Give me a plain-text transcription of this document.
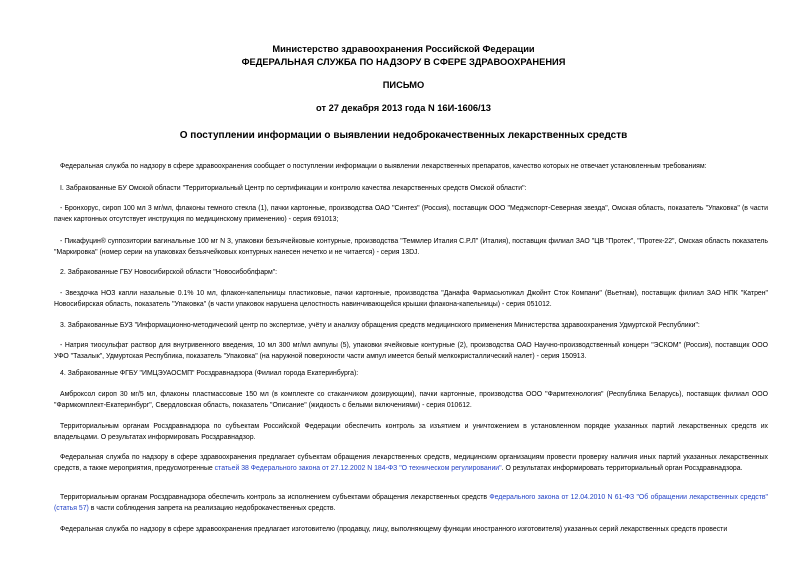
Министерство здравоохранения Российской Федерации
ФЕДЕРАЛЬНАЯ СЛУЖБА ПО НАДЗОРУ В СФЕРЕ ЗДРАВООХРАНЕНИЯ
ПИСЬМО
от 27 декабря 2013 года N 16И-1606/13
О поступлении информации о выявлении недоброкачественных лекарственных средств
Федеральная служба по надзору в сфере здравоохранения сообщает о поступлении информации о выявлении лекарственных препаратов, качество которых не отвечает установленным требованиям:
I. Забракованные БУ Омской области "Территориальный Центр по сертификации и контролю качества лекарственных средств Омской области":
- Бронхорус, сироп 100 мл 3 мг/мл, флаконы темного стекла (1), пачки картонные, производства ОАО "Синтез" (Россия), поставщик ООО "Медэкспорт-Северная звезда", Омская область, показатель "Упаковка" (в части пачек картонных отсутствует инструкция по медицинскому применению) - серия 691013;
- Пикафуцин® суппозитории вагинальные 100 мг N 3, упаковки безъячейковые контурные, производства "Теммлер Италия С.Р.Л" (Италия), поставщик филиал ЗАО "ЦВ "Протек", "Протек-22", Омская область показатель "Маркировка" (номер серии на упаковках безъячейковых контурных нанесен нечетко и не читается) - серия 13DJ.
2. Забракованные ГБУ Новосибирской области "Новосибоблфарм":
- Звездочка НОЗ капли назальные 0.1% 10 мл, флакон-капельницы пластиковые, пачки картонные, производства "Данафа Фармасьютикал Джойнт Сток Компани" (Вьетнам), поставщик филиал ЗАО НПК "Катрен" Новосибирская область, показатель "Упаковка" (в части упаковок нарушена целостность навинчивающейся крышки флакона-капельницы) - серия 051012.
3. Забракованные БУЗ "Информационно-методический центр по экспертизе, учёту и анализу обращения средств медицинского применения Министерства здравоохранения Удмуртской Республики":
- Натрия тиосульфат раствор для внутривенного введения, 10 мл 300 мг/мл ампулы (5), упаковки ячейковые контурные (2), производства ОАО Научно-производственный концерн "ЭСКОМ" (Россия), поставщик ООО УФО "Тазалык", Удмуртская Республика, показатель "Упаковка" (на наружной поверхности части ампул имеется белый мелкокристаллический налет) - серия 150913.
4. Забракованные ФГБУ "ИМЦЭУАОСМП" Росздравнадзора (Филиал города Екатеринбурга):
Амброксол сироп 30 мг/5 мл, флаконы пластмассовые 150 мл (в комплекте со стаканчиком дозирующим), пачки картонные, производства ООО "Фармтехнология" (Республика Беларусь), поставщик филиал ООО "Фармкомплект-Екатеринбург", Свердловская область, показатель "Описание" (жидкость с белыми включениями) - серия 010612.
Территориальным органам Росздравнадзора по субъектам Российской Федерации обеспечить контроль за изъятием и уничтожением в установленном порядке указанных партий лекарственных средств их владельцами. О результатах информировать Росздравнадзор.
Федеральная служба по надзору в сфере здравоохранения предлагает субъектам обращения лекарственных средств, медицинским организациям провести проверку наличия иных партий указанных лекарственных средств, а также мероприятия, предусмотренные статьей 38 Федерального закона от 27.12.2002 N 184-ФЗ "О техническом регулировании". О результатах информировать территориальный орган Росздравнадзора.
Территориальным органам Росздравнадзора обеспечить контроль за исполнением субъектами обращения лекарственных средств Федерального закона от 12.04.2010 N 61-ФЗ "Об обращении лекарственных средств" (статья 57) в части соблюдения запрета на реализацию недоброкачественных средств.
Федеральная служба по надзору в сфере здравоохранения предлагает изготовителю (продавцу, лицу, выполняющему функции иностранного изготовителя) указанных серий лекарственных средств провести
